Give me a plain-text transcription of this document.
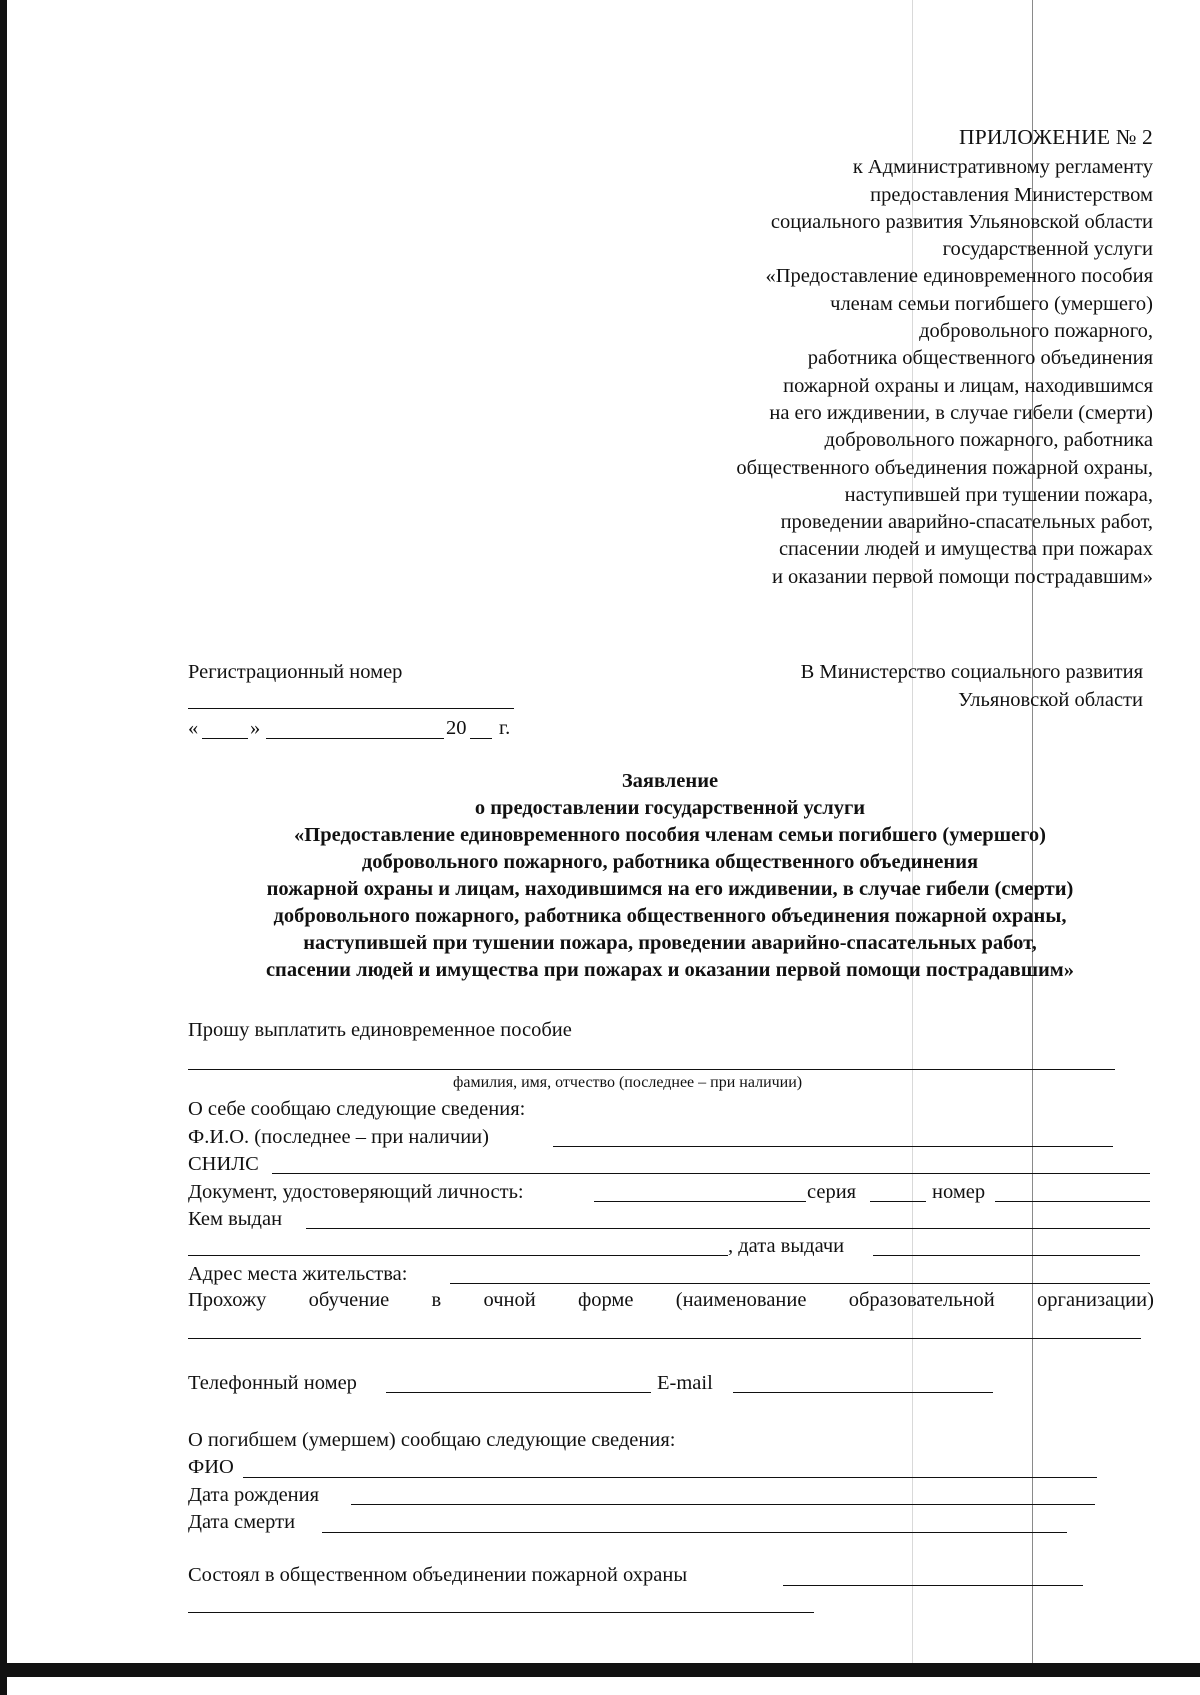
ПРИЛОЖЕНИЕ № 2
к Административному регламенту
предоставления Министерством
социального развития Ульяновской области
государственной услуги
«Предоставление единовременного пособия
членам семьи погибшего (умершего)
добровольного пожарного,
работника общественного объединения
пожарной охраны и лицам, находившимся
на его иждивении, в случае гибели (смерти)
добровольного пожарного, работника
общественного объединения пожарной охраны,
наступившей при тушении пожара,
проведении аварийно-спасательных работ,
спасении людей и имущества при пожарах
и оказании первой помощи пострадавшим»
Регистрационный номер
«	»	20 г.
В Министерство социального развития
Ульяновской области
Заявление
о предоставлении государственной услуги
«Предоставление единовременного пособия членам семьи погибшего (умершего)
добровольного пожарного, работника общественного объединения
пожарной охраны и лицам, находившимся на его иждивении, в случае гибели (смерти)
добровольного пожарного, работника общественного объединения пожарной охраны,
наступившей при тушении пожара, проведении аварийно-спасательных работ,
спасении людей и имущества при пожарах и оказании первой помощи пострадавшим»
Прошу выплатить единовременное пособие
фамилия, имя, отчество (последнее – при наличии)
О себе сообщаю следующие сведения:
Ф.И.О. (последнее – при наличии)
СНИЛС
Документ, удостоверяющий личность:	серия	номер
Кем выдан
, дата выдачи
Адрес места жительства:
Прохожу обучение в очной форме (наименование образовательной организации)
Телефонный номер	E-mail
О погибшем (умершем) сообщаю следующие сведения:
ФИО
Дата рождения
Дата смерти
Состоял в общественном объединении пожарной охраны
